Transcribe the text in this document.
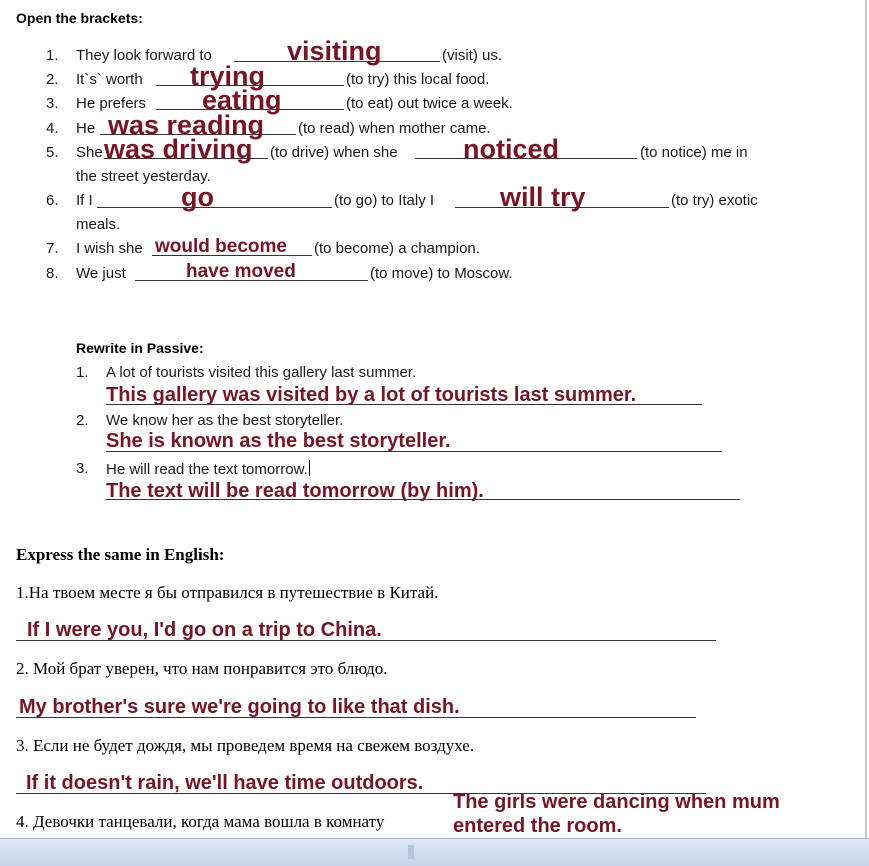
Open the brackets:
1. They look forward to	visiting	(visit) us.
2. It`s` worth trying	(to try) this local food.
3. He prefers eating	(to eat) out twice a week.
4. He was reading (to read) when mother came.
5. She was driving (to drive) when she noticed	(to notice) me in
the street yesterday.
6. If I	go	(to go) to Italy I will try	(to try) exotic
meals.
7. I wish she would become (to become) a champion.
8. We just	have moved	(to move) to Moscow.
Rewrite in Passive:
1. A lot of tourists visited this gallery last summer.
This gallery was visited by a lot of tourists last summer.
2. We know her as the best storyteller.
She is known as the best storyteller.
3. He will read the text tomorrow.
The text will be read tomorrow (by him).
Express the same in English:
1.На твоем месте я бы отправился в путешествие в Китай.
If I were you, I'd go on a trip to China.
2. Мой брат уверен, что нам понравится это блюдо.
My brother's sure we're going to like that dish.
3. Если не будет дождя, мы проведем время на свежем воздухе.
If it doesn't rain, we'll have time outdoors.
4. Девочки танцевали, когда мама вошла в комнату
The girls were dancing when mum
entered the room.
